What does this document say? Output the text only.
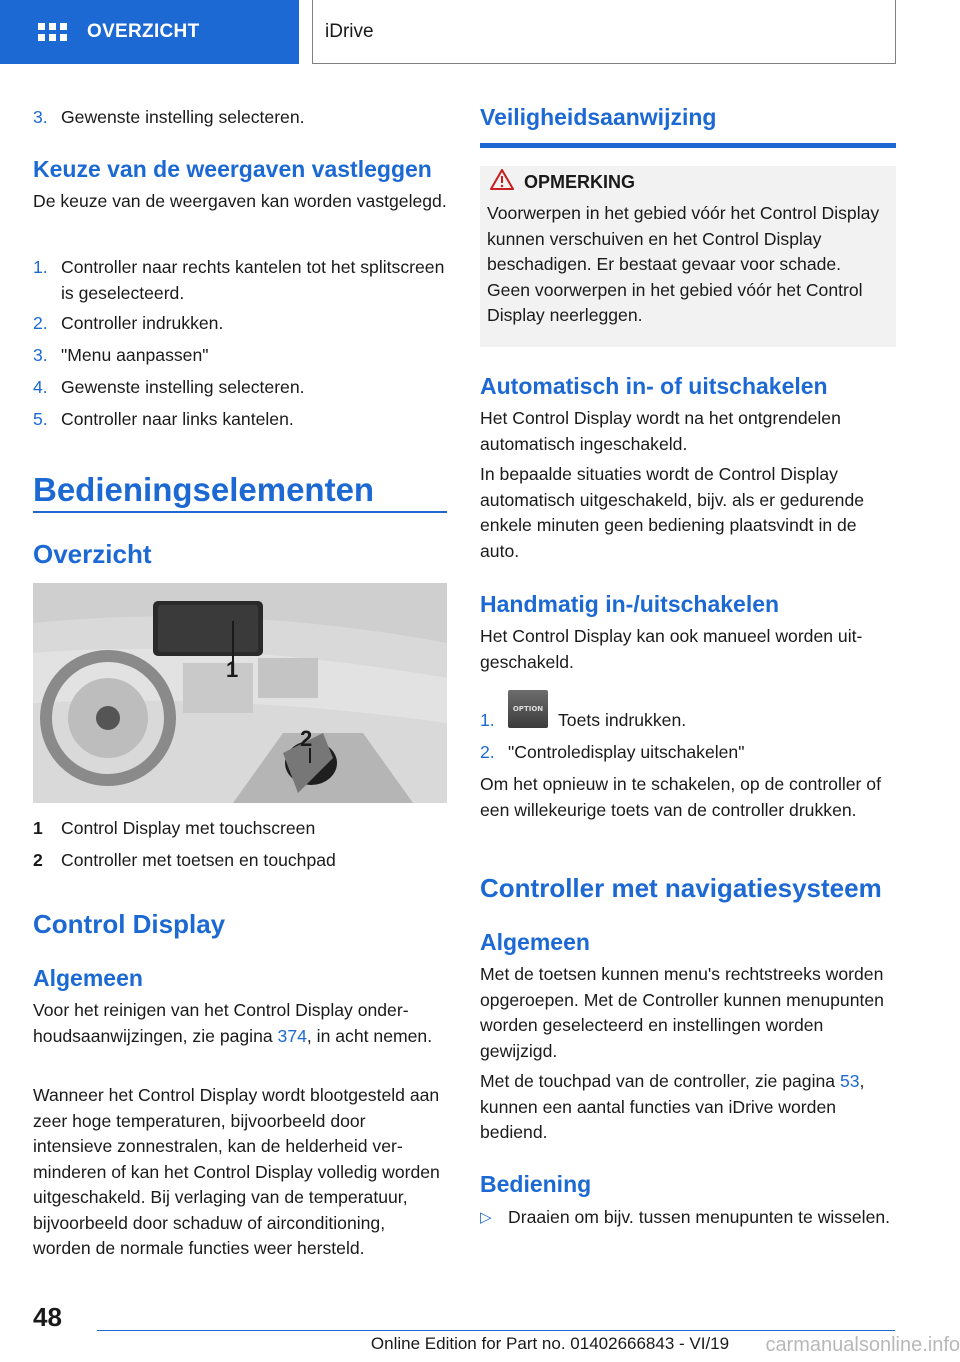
OVERZICHT	iDrive
3. Gewenste instelling selecteren.
Keuze van de weergaven vastleggen
De keuze van de weergaven kan worden vastgelegd.
1. Controller naar rechts kantelen tot het splitscreen is geselecteerd.
2. Controller indrukken.
3. "Menu aanpassen"
4. Gewenste instelling selecteren.
5. Controller naar links kantelen.
Bedieningselementen
Overzicht
1
2
1 Control Display met touchscreen
2 Controller met toetsen en touchpad
Control Display
Algemeen
Voor het reinigen van het Control Display onderhoudsaanwijzingen, zie pagina 374, in acht nemen.
Wanneer het Control Display wordt blootgesteld aan zeer hoge temperaturen, bijvoorbeeld door intensieve zonnestralen, kan de helderheid verminderen of kan het Control Display volledig worden uitgeschakeld. Bij verlaging van de temperatuur, bijvoorbeeld door schaduw of airconditioning, worden de normale functies weer hersteld.
Veiligheidsaanwijzing
OPMERKING
Voorwerpen in het gebied vóór het Control Display kunnen verschuiven en het Control Display beschadigen. Er bestaat gevaar voor schade. Geen voorwerpen in het gebied vóór het Control Display neerleggen.
Automatisch in- of uitschakelen
Het Control Display wordt na het ontgrendelen automatisch ingeschakeld.
In bepaalde situaties wordt de Control Display automatisch uitgeschakeld, bijv. als er gedurende enkele minuten geen bediening plaatsvindt in de auto.
Handmatig in-/uitschakelen
Het Control Display kan ook manueel worden uitgeschakeld.
1.
OPTION
Toets indrukken.
2. "Controledisplay uitschakelen"
Om het opnieuw in te schakelen, op de controller of een willekeurige toets van de controller drukken.
Controller met navigatiesysteem
Algemeen
Met de toetsen kunnen menu's rechtstreeks worden opgeroepen. Met de Controller kunnen menupunten worden geselecteerd en instellingen worden gewijzigd.
Met de touchpad van de controller, zie pagina 53, kunnen een aantal functies van iDrive worden bediend.
Bediening
▷ Draaien om bijv. tussen menupunten te wisselen.
48
Online Edition for Part no. 01402666843 - VI/19	carmanualsonline.info
